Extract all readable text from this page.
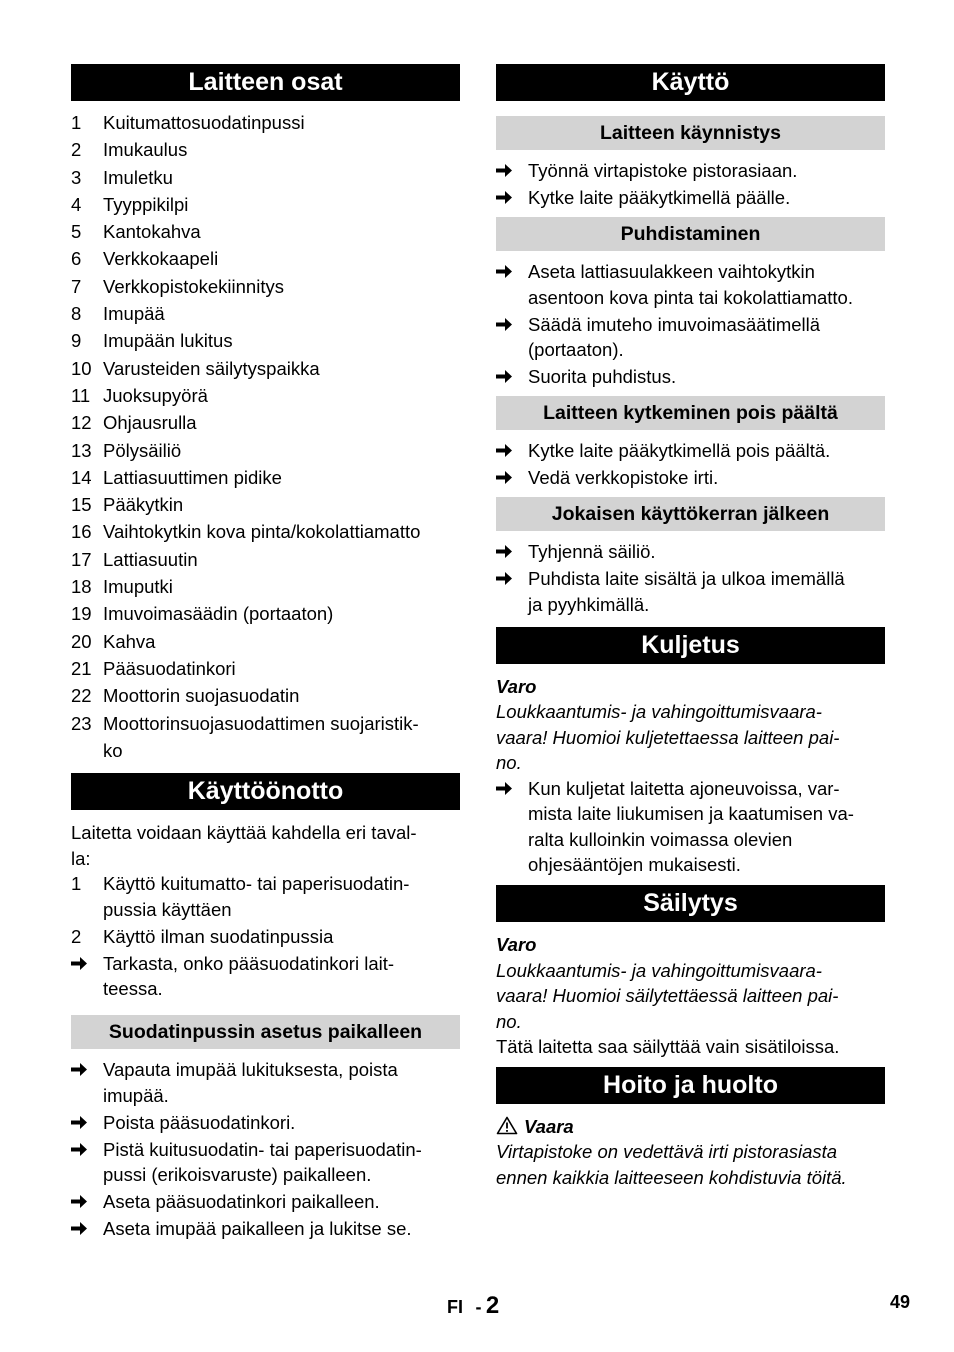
Laitteen osat
1	Kuitumattosuodatinpussi
2	Imukaulus
3	Imuletku
4	Tyyppikilpi
5	Kantokahva
6	Verkkokaapeli
7	Verkkopistokekiinnitys
8	Imupää
9	Imupään lukitus
10 Varusteiden säilytyspaikka
11 Juoksupyörä
12 Ohjausrulla
13 Pölysäiliö
14 Lattiasuuttimen pidike
15 Pääkytkin
16 Vaihtokytkin kova pinta/kokolattiamatto
17 Lattiasuutin
18 Imuputki
19 Imuvoimasäädin (portaaton)
20 Kahva
21 Pääsuodatinkori
22 Moottorin suojasuodatin
23 Moottorinsuojasuodattimen suojaristik-
ko
Käyttöönotto
Laitetta voidaan käyttää kahdella eri taval-
la:
1	Käyttö kuitumatto- tai paperisuodatin-
pussia käyttäen
2	Käyttö ilman suodatinpussia
Tarkasta, onko pääsuodatinkori lait-
teessa.
Suodatinpussin asetus paikalleen
Vapauta imupää lukituksesta, poista
imupää.
Poista pääsuodatinkori.
Pistä kuitusuodatin- tai paperisuodatin-
pussi (erikoisvaruste) paikalleen.
Aseta pääsuodatinkori paikalleen.
Aseta imupää paikalleen ja lukitse se.
Käyttö
Laitteen käynnistys
Työnnä virtapistoke pistorasiaan.
Kytke laite pääkytkimellä päälle.
Puhdistaminen
Aseta lattiasuulakkeen vaihtokytkin
asentoon kova pinta tai kokolattiamatto.
Säädä imuteho imuvoimasäätimellä
(portaaton).
Suorita puhdistus.
Laitteen kytkeminen pois päältä
Kytke laite pääkytkimellä pois päältä.
Vedä verkkopistoke irti.
Jokaisen käyttökerran jälkeen
Tyhjennä säiliö.
Puhdista laite sisältä ja ulkoa imemällä
ja pyyhkimällä.
Kuljetus
Varo
Loukkaantumis- ja vahingoittumisvaara-
vaara! Huomioi kuljetettaessa laitteen pai-
no.
Kun kuljetat laitetta ajoneuvoissa, var-
mista laite liukumisen ja kaatumisen va-
ralta kulloinkin voimassa olevien
ohjesääntöjen mukaisesti.
Säilytys
Varo
Loukkaantumis- ja vahingoittumisvaara-
vaara! Huomioi säilytettäessä laitteen pai-
no.
Tätä laitetta saa säilyttää vain sisätiloissa.
Hoito ja huolto
Vaara
Virtapistoke on vedettävä irti pistorasiasta
ennen kaikkia laitteeseen kohdistuvia töitä.
FI - 2	49
